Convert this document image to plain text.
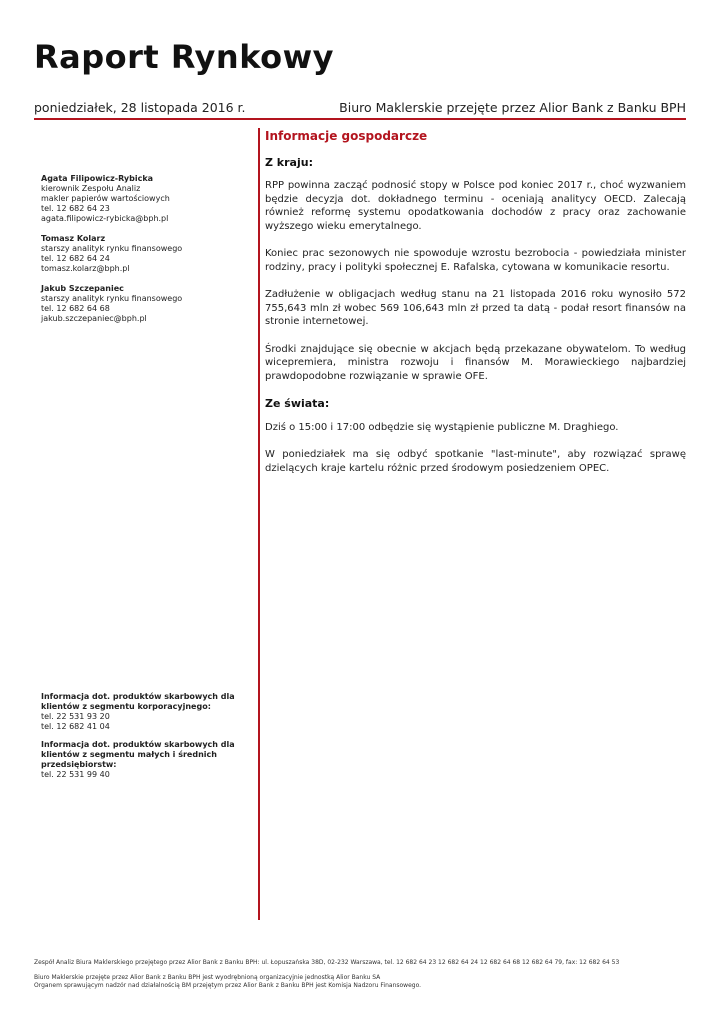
Raport Rynkowy
poniedziałek, 28 listopada 2016 r.	Biuro Maklerskie przejęte przez Alior Bank z Banku BPH
Agata Filipowicz-Rybicka
kierownik Zespołu Analiz
makler papierów wartościowych
tel. 12 682 64 23
agata.filipowicz-rybicka@bph.pl
Tomasz Kolarz
starszy analityk rynku finansowego
tel. 12 682 64 24
tomasz.kolarz@bph.pl
Jakub Szczepaniec
starszy analityk rynku finansowego
tel. 12 682 64 68
jakub.szczepaniec@bph.pl
Informacja dot. produktów skarbowych dla klientów z segmentu korporacyjnego:
tel. 22 531 93 20
tel. 12 682 41 04
Informacja dot. produktów skarbowych dla klientów z segmentu małych i średnich przedsiębiorstw:
tel. 22 531 99 40
Informacje gospodarcze
Z kraju:

RPP powinna zacząć podnosić stopy w Polsce pod koniec 2017 r., choć wyzwaniem będzie decyzja dot. dokładnego terminu - oceniają analitycy OECD. Zalecają również reformę systemu opodatkowania dochodów z pracy oraz zachowanie wyższego wieku emerytalnego.

Koniec prac sezonowych nie spowoduje wzrostu bezrobocia - powiedziała minister rodziny, pracy i polityki społecznej E. Rafalska, cytowana w komunikacie resortu.

Zadłużenie w obligacjach według stanu na 21 listopada 2016 roku wynosiło 572 755,643 mln zł wobec 569 106,643 mln zł przed ta datą - podał resort finansów na stronie internetowej.

Środki znajdujące się obecnie w akcjach będą przekazane obywatelom. To według wicepremiera, ministra rozwoju i finansów M. Morawieckiego najbardziej prawdopodobne rozwiązanie w sprawie OFE.

Ze świata:

Dziś o 15:00 i 17:00 odbędzie się wystąpienie publiczne M. Draghiego.

W poniedziałek ma się odbyć spotkanie "last-minute", aby rozwiązać sprawę dzielących kraje kartelu różnic przed środowym posiedzeniem OPEC.

Zespół Analiz Biura Maklerskiego przejętego przez Alior Bank z Banku BPH: ul. Łopuszańska 38D, 02-232 Warszawa, tel. 12 682 64 23 12 682 64 24 12 682 64 68 12 682 64 79, fax: 12 682 64 53
Biuro Maklerskie przejęte przez Alior Bank z Banku BPH jest wyodrębnioną organizacyjnie jednostką Alior Banku SA
Organem sprawującym nadzór nad działalnością BM przejętym przez Alior Bank z Banku BPH jest Komisja Nadzoru Finansowego.
